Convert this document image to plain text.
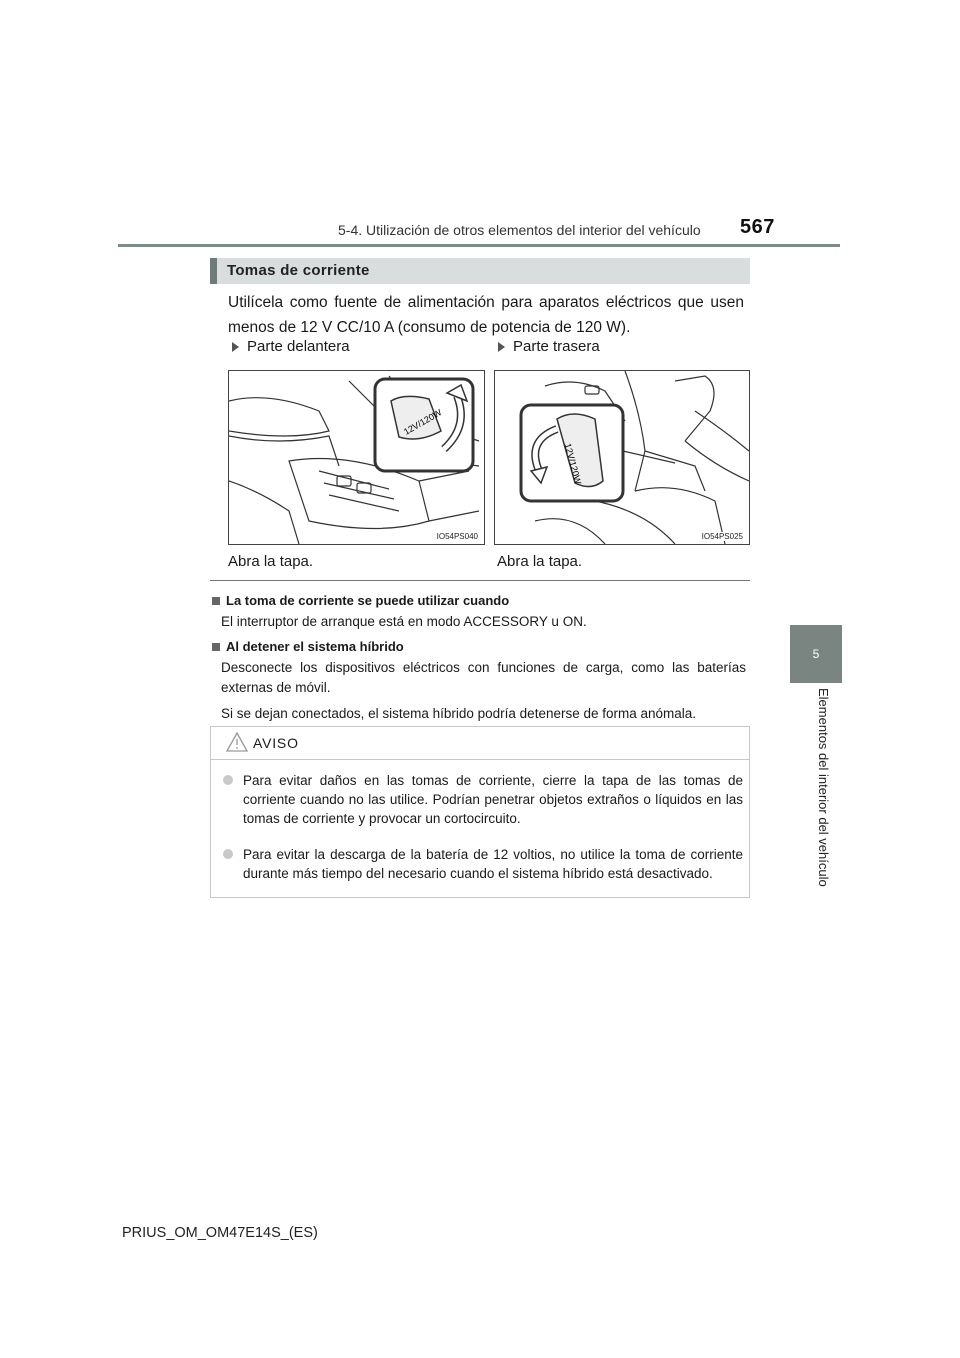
5-4. Utilización de otros elementos del interior del vehículo 567
5
Elementos del interior del vehículo
Tomas de corriente
Utilícela como fuente de alimentación para aparatos eléctricos que usen menos de 12 V CC/10 A (consumo de potencia de 120 W).
Parte delantera	Parte trasera
12V/120W
IO54PS040
12V/120W
IO54PS025
Abra la tapa.	Abra la tapa.
La toma de corriente se puede utilizar cuando

El interruptor de arranque está en modo ACCESSORY u ON.

Al detener el sistema híbrido

Desconecte los dispositivos eléctricos con funciones de carga, como las baterías externas de móvil.

Si se dejan conectados, el sistema híbrido podría detenerse de forma anómala.

AVISO
Para evitar daños en las tomas de corriente, cierre la tapa de las tomas de corriente cuando no las utilice. Podrían penetrar objetos extraños o líquidos en las tomas de corriente y provocar un cortocircuito.
Para evitar la descarga de la batería de 12 voltios, no utilice la toma de corriente durante más tiempo del necesario cuando el sistema híbrido está desactivado.
PRIUS_OM_OM47E14S_(ES)
